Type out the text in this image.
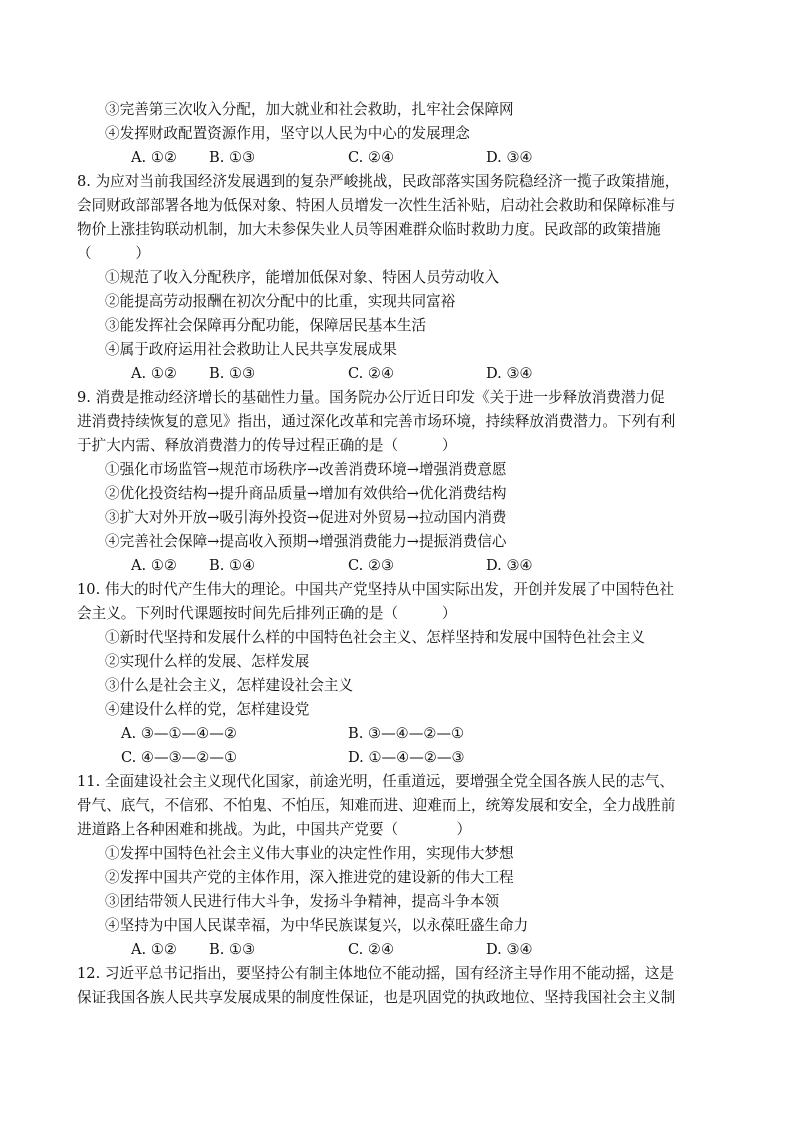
③完善第三次收入分配，加大就业和社会救助，扎牢社会保障网
④发挥财政配置资源作用，坚守以人民为中心的发展理念
A. ①② B. ①③	C. ②④	D. ③④
8. 为应对当前我国经济发展遇到的复杂严峻挑战，民政部落实国务院稳经济一揽子政策措施，
会同财政部部署各地为低保对象、特困人员增发一次性生活补贴，启动社会救助和保障标准与
物价上涨挂钩联动机制，加大未参保失业人员等困难群众临时救助力度。民政部的政策措施
（　　　）
①规范了收入分配秩序，能增加低保对象、特困人员劳动收入
②能提高劳动报酬在初次分配中的比重，实现共同富裕
③能发挥社会保障再分配功能，保障居民基本生活
④属于政府运用社会救助让人民共享发展成果
A. ①② B. ①③	C. ②④	D. ③④
9. 消费是推动经济增长的基础性力量。国务院办公厅近日印发《关于进一步释放消费潜力促
进消费持续恢复的意见》指出，通过深化改革和完善市场环境，持续释放消费潜力。下列有利
于扩大内需、释放消费潜力的传导过程正确的是（　　　）
①强化市场监管→规范市场秩序→改善消费环境→增强消费意愿
②优化投资结构→提升商品质量→增加有效供给→优化消费结构
③扩大对外开放→吸引海外投资→促进对外贸易→拉动国内消费
④完善社会保障→提高收入预期→增强消费能力→提振消费信心
A. ①② B. ①④	C. ②③	D. ③④
10. 伟大的时代产生伟大的理论。中国共产党坚持从中国实际出发，开创并发展了中国特色社
会主义。下列时代课题按时间先后排列正确的是（　　　）
①新时代坚持和发展什么样的中国特色社会主义、怎样坚持和发展中国特色社会主义
②实现什么样的发展、怎样发展
③什么是社会主义，怎样建设社会主义
④建设什么样的党，怎样建设党
A. ③—①—④—②	B. ③—④—②—①
C. ④—③—②—①	D. ①—④—②—③
11. 全面建设社会主义现代化国家，前途光明，任重道远，要增强全党全国各族人民的志气、
骨气、底气，不信邪、不怕鬼、不怕压，知难而进、迎难而上，统筹发展和安全，全力战胜前
进道路上各种困难和挑战。为此，中国共产党要（　　　　）
①发挥中国特色社会主义伟大事业的决定性作用，实现伟大梦想
②发挥中国共产党的主体作用，深入推进党的建设新的伟大工程
③团结带领人民进行伟大斗争，发扬斗争精神，提高斗争本领
④坚持为中国人民谋幸福，为中华民族谋复兴，以永葆旺盛生命力
A. ①② B. ①③	C. ②④	D. ③④
12. 习近平总书记指出，要坚持公有制主体地位不能动摇，国有经济主导作用不能动摇，这是
保证我国各族人民共享发展成果的制度性保证，也是巩固党的执政地位、坚持我国社会主义制
